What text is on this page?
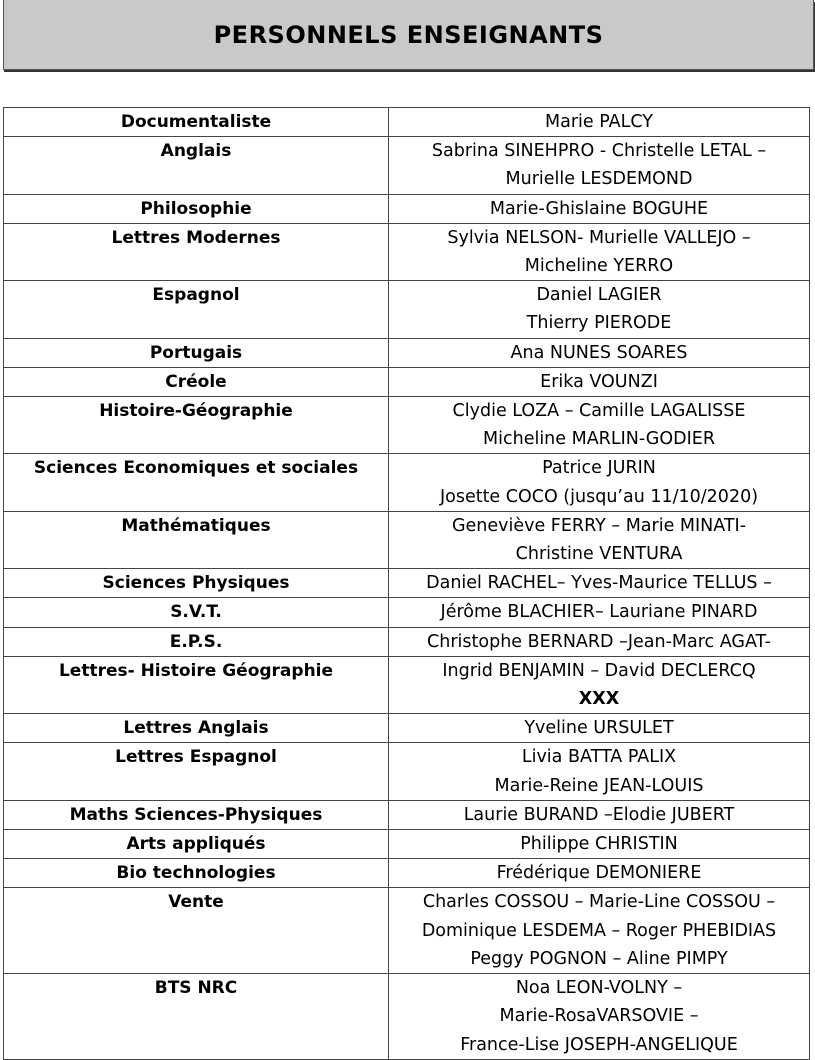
PERSONNELS ENSEIGNANTS
Documentaliste	Marie PALCY

Anglais	Sabrina SINEHPRO - Christelle LETAL –
Murielle LESDEMOND

Philosophie	Marie-Ghislaine BOGUHE

Lettres Modernes	Sylvia NELSON- Murielle VALLEJO –
Micheline YERRO

Espagnol	Daniel LAGIER
Thierry PIERODE

Portugais	Ana NUNES SOARES

Créole	Erika VOUNZI

Histoire-Géographie	Clydie LOZA – Camille LAGALISSE
Micheline MARLIN-GODIER

Sciences Economiques et sociales	Patrice JURIN
Josette COCO (jusqu’au 11/10/2020)

Mathématiques	Geneviève FERRY – Marie MINATI-
Christine VENTURA

Sciences Physiques	Daniel RACHEL– Yves-Maurice TELLUS –

S.V.T.	Jérôme BLACHIER– Lauriane PINARD

E.P.S.	Christophe BERNARD –Jean-Marc AGAT-

Lettres- Histoire Géographie	Ingrid BENJAMIN – David DECLERCQ
XXX

Lettres Anglais	Yveline URSULET

Lettres Espagnol	Livia BATTA PALIX
Marie-Reine JEAN-LOUIS

Maths Sciences-Physiques	Laurie BURAND –Elodie JUBERT

Arts appliqués	Philippe CHRISTIN

Bio technologies	Frédérique DEMONIERE

Vente	Charles COSSOU – Marie-Line COSSOU –
Dominique LESDEMA – Roger PHEBIDIAS
Peggy POGNON – Aline PIMPY

BTS NRC	Noa LEON-VOLNY –
Marie-RosaVARSOVIE –
France-Lise JOSEPH-ANGELIQUE
